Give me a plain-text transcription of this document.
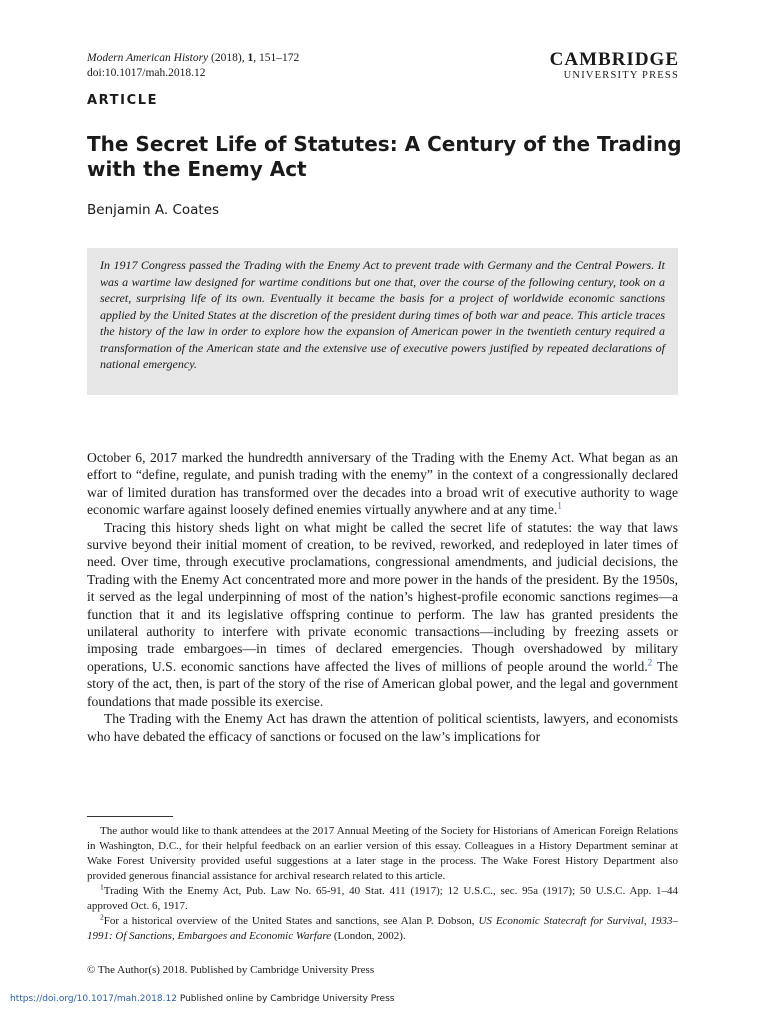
Modern American History (2018), 1, 151–172
doi:10.1017/mah.2018.12
CAMBRIDGE
UNIVERSITY PRESS
ARTICLE
The Secret Life of Statutes: A Century of the Trading with the Enemy Act
Benjamin A. Coates

In 1917 Congress passed the Trading with the Enemy Act to prevent trade with Germany and the Central Powers. It was a wartime law designed for wartime conditions but one that, over the course of the following century, took on a secret, surprising life of its own. Eventually it became the basis for a project of worldwide economic sanctions applied by the United States at the discretion of the president during times of both war and peace. This article traces the history of the law in order to explore how the expansion of American power in the twentieth century required a transformation of the American state and the extensive use of executive powers justified by repeated declarations of national emergency.

October 6, 2017 marked the hundredth anniversary of the Trading with the Enemy Act. What began as an effort to “define, regulate, and punish trading with the enemy” in the context of a congressionally declared war of limited duration has transformed over the decades into a broad writ of executive authority to wage economic warfare against loosely defined enemies virtually anywhere and at any time.$^1$

Tracing this history sheds light on what might be called the secret life of statutes: the way that laws survive beyond their initial moment of creation, to be revived, reworked, and redeployed in later times of need. Over time, through executive proclamations, congressional amendments, and judicial decisions, the Trading with the Enemy Act concentrated more and more power in the hands of the president. By the 1950s, it served as the legal underpinning of most of the nation’s highest-profile economic sanctions regimes—a function that it and its legislative offspring continue to perform. The law has granted presidents the unilateral authority to interfere with private economic transactions—including by freezing assets or imposing trade embargoes—in times of declared emergencies. Though overshadowed by military operations, U.S. economic sanctions have affected the lives of millions of people around the world.$^2$ The story of the act, then, is part of the story of the rise of American global power, and the legal and government foundations that made possible its exercise.

The Trading with the Enemy Act has drawn the attention of political scientists, lawyers, and economists who have debated the efficacy of sanctions or focused on the law’s implications for

The author would like to thank attendees at the 2017 Annual Meeting of the Society for Historians of American Foreign Relations in Washington, D.C., for their helpful feedback on an earlier version of this essay. Colleagues in a History Department seminar at Wake Forest University provided useful suggestions at a later stage in the process. The Wake Forest History Department also provided generous financial assistance for archival research related to this article.

$^1$Trading With the Enemy Act, Pub. Law No. 65-91, 40 Stat. 411 (1917); 12 U.S.C., sec. 95a (1917); 50 U.S.C. App. 1–44 approved Oct. 6, 1917.

$^2$For a historical overview of the United States and sanctions, see Alan P. Dobson, US Economic Statecraft for Survival, 1933–1991: Of Sanctions, Embargoes and Economic Warfare (London, 2002).

© The Author(s) 2018. Published by Cambridge University Press
https://doi.org/10.1017/mah.2018.12 Published online by Cambridge University Press
